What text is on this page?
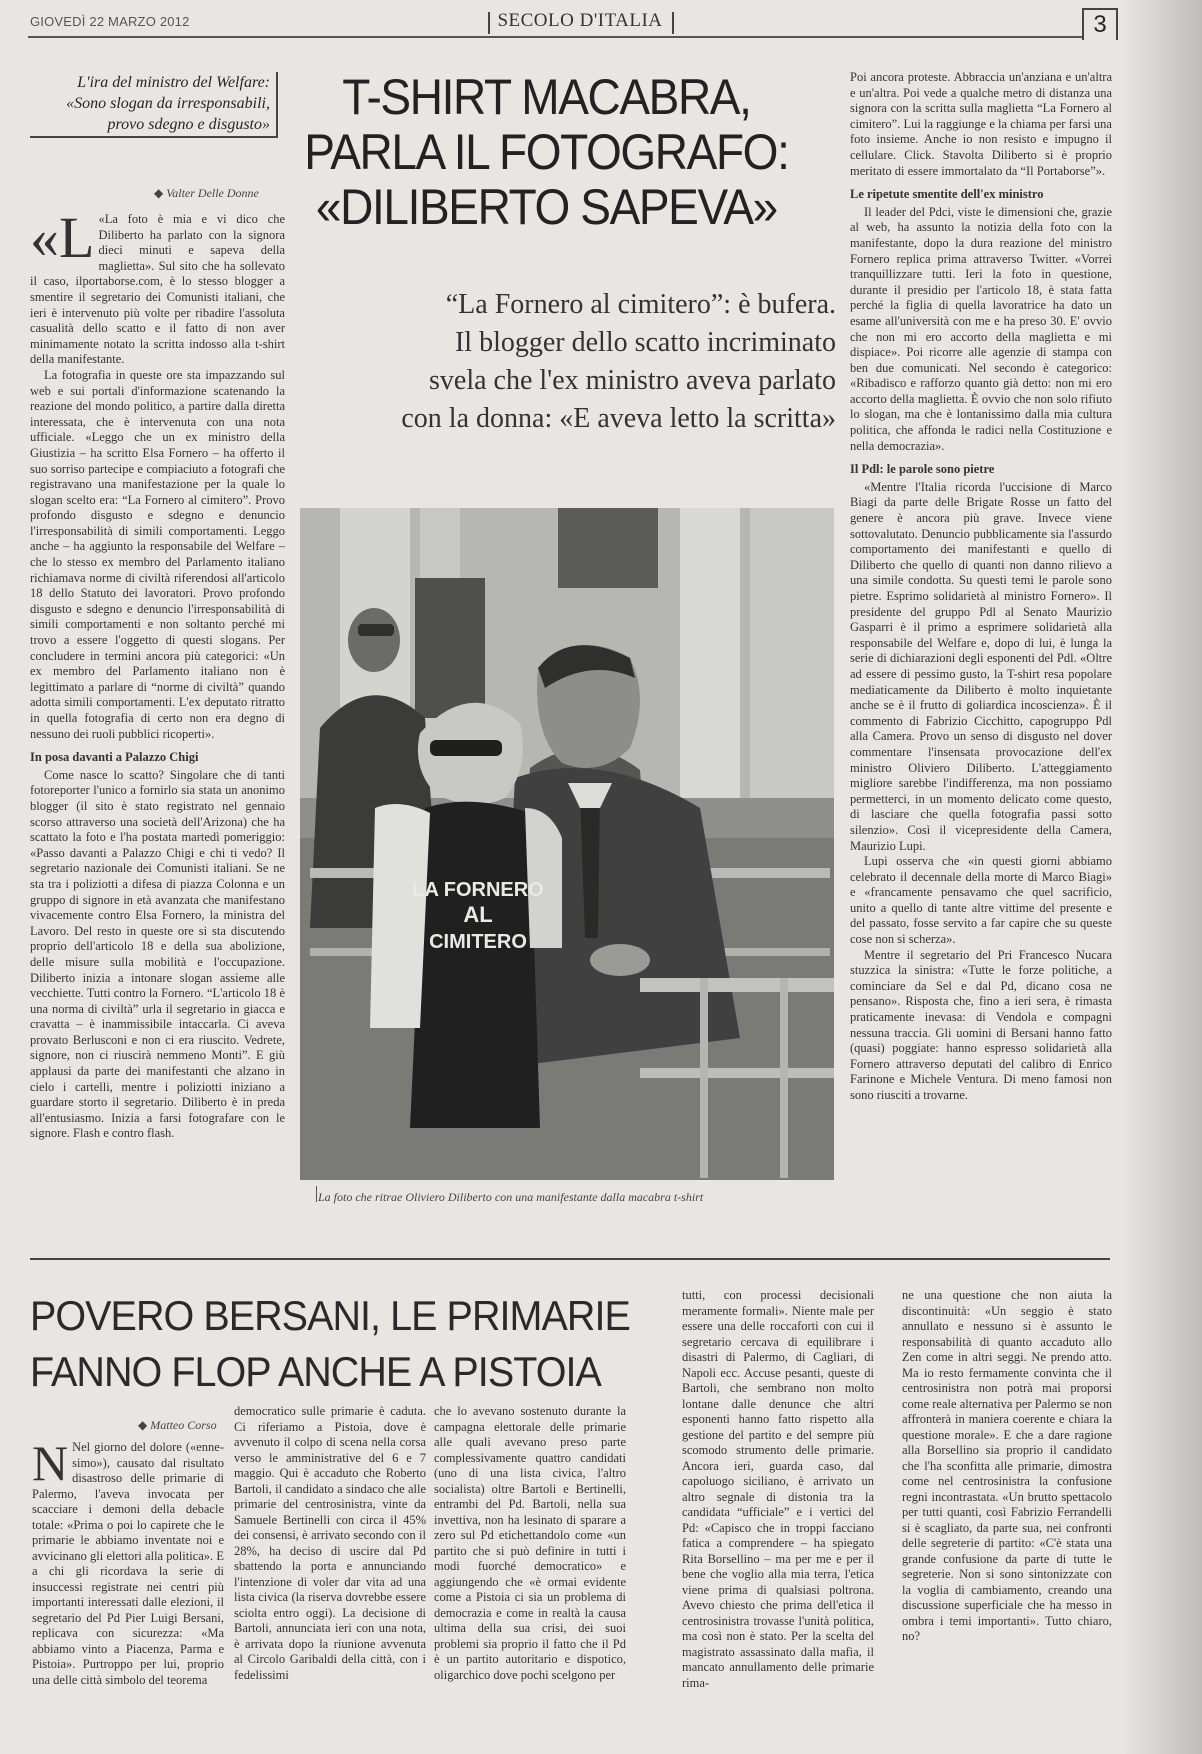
GIOVEDÌ 22 MARZO 2012	SECOLO D'ITALIA	3
L'ira del ministro del Welfare:
«Sono slogan da irresponsabili,
provo sdegno e disgusto»
◆ Valter Delle Donne
T-SHIRT MACABRA,
PARLA IL FOTOGRAFO:
«DILIBERTO SAPEVA»
“La Fornero al cimitero”: è bufera.
Il blogger dello scatto incriminato
svela che l'ex ministro aveva parlato
con la donna: «E aveva letto la scritta»

«L «La foto è mia e vi dico che Diliberto ha parlato con la signora dieci minuti e sapeva della maglietta». Sul sito che ha sollevato il caso, ilportaborse.com, è lo stesso blogger a smentire il segretario dei Comunisti italiani, che ieri è intervenuto più volte per ribadire l'assoluta casualità dello scatto e il fatto di non aver minimamente notato la scritta indosso alla t-shirt della manifestante.

La fotografia in queste ore sta impazzando sul web e sui portali d'informazione scatenando la reazione del mondo politico, a partire dalla diretta interessata, che è intervenuta con una nota ufficiale. «Leggo che un ex ministro della Giustizia – ha scritto Elsa Fornero – ha offerto il suo sorriso partecipe e compiaciuto a fotografi che registravano una manifestazione per la quale lo slogan scelto era: “La Fornero al cimitero”. Provo profondo disgusto e sdegno e denuncio l'irresponsabilità di simili comportamenti. Leggo anche – ha aggiunto la responsabile del Welfare – che lo stesso ex membro del Parlamento italiano richiamava norme di civiltà riferendosi all'articolo 18 dello Statuto dei lavoratori. Provo profondo disgusto e sdegno e denuncio l'irresponsabilità di simili comportamenti e non soltanto perché mi trovo a essere l'oggetto di questi slogans. Per concludere in termini ancora più categorici: «Un ex membro del Parlamento italiano non è legittimato a parlare di “norme di civiltà” quando adotta simili comportamenti. L'ex deputato ritratto in quella fotografia di certo non era degno di nessuno dei ruoli pubblici ricoperti».

In posa davanti a Palazzo Chigi

Come nasce lo scatto? Singolare che di tanti fotoreporter l'unico a fornirlo sia stata un anonimo blogger (il sito è stato registrato nel gennaio scorso attraverso una società dell'Arizona) che ha scattato la foto e l'ha postata martedì pomeriggio: «Passo davanti a Palazzo Chigi e chi ti vedo? Il segretario nazionale dei Comunisti italiani. Se ne sta tra i poliziotti a difesa di piazza Colonna e un gruppo di signore in età avanzata che manifestano vivacemente contro Elsa Fornero, la ministra del Lavoro. Del resto in queste ore si sta discutendo proprio dell'articolo 18 e della sua abolizione, delle misure sulla mobilità e l'occupazione. Diliberto inizia a intonare slogan assieme alle vecchiette. Tutti contro la Fornero. “L'articolo 18 è una norma di civiltà” urla il segretario in giacca e cravatta – è inammissibile intaccarla. Ci aveva provato Berlusconi e non ci era riuscito. Vedrete, signore, non ci riuscirà nemmeno Monti”. E giù applausi da parte dei manifestanti che alzano in cielo i cartelli, mentre i poliziotti iniziano a guardare storto il segretario. Diliberto è in preda all'entusiasmo. Inizia a farsi fotografare con le signore. Flash e contro flash.

Poi ancora proteste. Abbraccia un'anziana e un'altra e un'altra. Poi vede a qualche metro di distanza una signora con la scritta sulla maglietta “La Fornero al cimitero”. Lui la raggiunge e la chiama per farsi una foto insieme. Anche io non resisto e impugno il cellulare. Click. Stavolta Diliberto si è proprio meritato di essere immortalato da “Il Portaborse”».

Le ripetute smentite dell'ex ministro

Il leader del Pdci, viste le dimensioni che, grazie al web, ha assunto la notizia della foto con la manifestante, dopo la dura reazione del ministro Fornero replica prima attraverso Twitter. «Vorrei tranquillizzare tutti. Ieri la foto in questione, durante il presidio per l'articolo 18, è stata fatta perché la figlia di quella lavoratrice ha dato un esame all'università con me e ha preso 30. E' ovvio che non mi ero accorto della maglietta e mi dispiace». Poi ricorre alle agenzie di stampa con ben due comunicati. Nel secondo è categorico: «Ribadisco e rafforzo quanto già detto: non mi ero accorto della maglietta. È ovvio che non solo rifiuto lo slogan, ma che è lontanissimo dalla mia cultura politica, che affonda le radici nella Costituzione e nella democrazia».

Il Pdl: le parole sono pietre

«Mentre l'Italia ricorda l'uccisione di Marco Biagi da parte delle Brigate Rosse un fatto del genere è ancora più grave. Invece viene sottovalutato. Denuncio pubblicamente sia l'assurdo comportamento dei manifestanti e quello di Diliberto che quello di quanti non danno rilievo a una simile condotta. Su questi temi le parole sono pietre. Esprimo solidarietà al ministro Fornero». Il presidente del gruppo Pdl al Senato Maurizio Gasparri è il primo a esprimere solidarietà alla responsabile del Welfare e, dopo di lui, è lunga la serie di dichiarazioni degli esponenti del Pdl. «Oltre ad essere di pessimo gusto, la T-shirt resa popolare mediaticamente da Diliberto è molto inquietante anche se è il frutto di goliardica incoscienza». È il commento di Fabrizio Cicchitto, capogruppo Pdl alla Camera. Provo un senso di disgusto nel dover commentare l'insensata provocazione dell'ex ministro Oliviero Diliberto. L'atteggiamento migliore sarebbe l'indifferenza, ma non possiamo permetterci, in un momento delicato come questo, di lasciare che quella fotografia passi sotto silenzio». Così il vicepresidente della Camera, Maurizio Lupi.

Lupi osserva che «in questi giorni abbiamo celebrato il decennale della morte di Marco Biagi» e «francamente pensavamo che quel sacrificio, unito a quello di tante altre vittime del presente e del passato, fosse servito a far capire che su queste cose non si scherza».

Mentre il segretario del Pri Francesco Nucara stuzzica la sinistra: «Tutte le forze politiche, a cominciare da Sel e dal Pd, dicano cosa ne pensano». Risposta che, fino a ieri sera, è rimasta praticamente inevasa: di Vendola e compagni nessuna traccia. Gli uomini di Bersani hanno fatto (quasi) poggiate: hanno espresso solidarietà alla Fornero attraverso deputati del calibro di Enrico Farinone e Michele Ventura. Di meno famosi non sono riusciti a trovarne.

LA FORNERO
AL
CIMITERO
La foto che ritrae Oliviero Diliberto con una manifestante dalla macabra t-shirt
POVERO BERSANI, LE PRIMARIE
FANNO FLOP ANCHE A PISTOIA
◆ Matteo Corso

N Nel giorno del dolore («enne-simo»), causato dal risultato disastroso delle primarie di Palermo, l'aveva invocata per scacciare i demoni della debacle totale: «Prima o poi lo capirete che le primarie le abbiamo inventate noi e avvicinano gli elettori alla politica». E a chi gli ricordava la serie di insuccessi registrate nei centri più importanti interessati dalle elezioni, il segretario del Pd Pier Luigi Bersani, replicava con sicurezza: «Ma abbiamo vinto a Piacenza, Parma e Pistoia». Purtroppo per lui, proprio una delle città simbolo del teorema

democratico sulle primarie è caduta. Ci riferiamo a Pistoia, dove è avvenuto il colpo di scena nella corsa verso le amministrative del 6 e 7 maggio. Qui è accaduto che Roberto Bartoli, il candidato a sindaco che alle primarie del centrosinistra, vinte da Samuele Bertinelli con circa il 45% dei consensi, è arrivato secondo con il 28%, ha deciso di uscire dal Pd sbattendo la porta e annunciando l'intenzione di voler dar vita ad una lista civica (la riserva dovrebbe essere sciolta entro oggi). La decisione di Bartoli, annunciata ieri con una nota, è arrivata dopo la riunione avvenuta al Circolo Garibaldi della città, con i fedelissimi

che lo avevano sostenuto durante la campagna elettorale delle primarie alle quali avevano preso parte complessivamente quattro candidati (uno di una lista civica, l'altro socialista) oltre Bartoli e Bertinelli, entrambi del Pd. Bartoli, nella sua invettiva, non ha lesinato di sparare a zero sul Pd etichettandolo come «un partito che si può definire in tutti i modi fuorché democratico» e aggiungendo che «è ormai evidente come a Pistoia ci sia un problema di democrazia e come in realtà la causa ultima della sua crisi, dei suoi problemi sia proprio il fatto che il Pd è un partito autoritario e dispotico, oligarchico dove pochi scelgono per

tutti, con processi decisionali meramente formali». Niente male per essere una delle roccaforti con cui il segretario cercava di equilibrare i disastri di Palermo, di Cagliari, di Napoli ecc. Accuse pesanti, queste di Bartoli, che sembrano non molto lontane dalle denunce che altri esponenti hanno fatto rispetto alla gestione del partito e del sempre più scomodo strumento delle primarie. Ancora ieri, guarda caso, dal capoluogo siciliano, è arrivato un altro segnale di distonia tra la candidata “ufficiale” e i vertici del Pd: «Capisco che in troppi facciano fatica a comprendere – ha spiegato Rita Borsellino – ma per me e per il bene che voglio alla mia terra, l'etica viene prima di qualsiasi poltrona. Avevo chiesto che prima dell'etica il centrosinistra trovasse l'unità politica, ma così non è stato. Per la scelta del magistrato assassinato dalla mafia, il mancato annullamento delle primarie rima-

ne una questione che non aiuta la discontinuità: «Un seggio è stato annullato e nessuno si è assunto le responsabilità di quanto accaduto allo Zen come in altri seggi. Ne prendo atto. Ma io resto fermamente convinta che il centrosinistra non potrà mai proporsi come reale alternativa per Palermo se non affronterà in maniera coerente e chiara la questione morale». E che a dare ragione alla Borsellino sia proprio il candidato che l'ha sconfitta alle primarie, dimostra come nel centrosinistra la confusione regni incontrastata. «Un brutto spettacolo per tutti quanti, così Fabrizio Ferrandelli si è scagliato, da parte sua, nei confronti delle segreterie di partito: «C'è stata una grande confusione da parte di tutte le segreterie. Non si sono sintonizzate con la voglia di cambiamento, creando una discussione superficiale che ha messo in ombra i temi importanti». Tutto chiaro, no?
